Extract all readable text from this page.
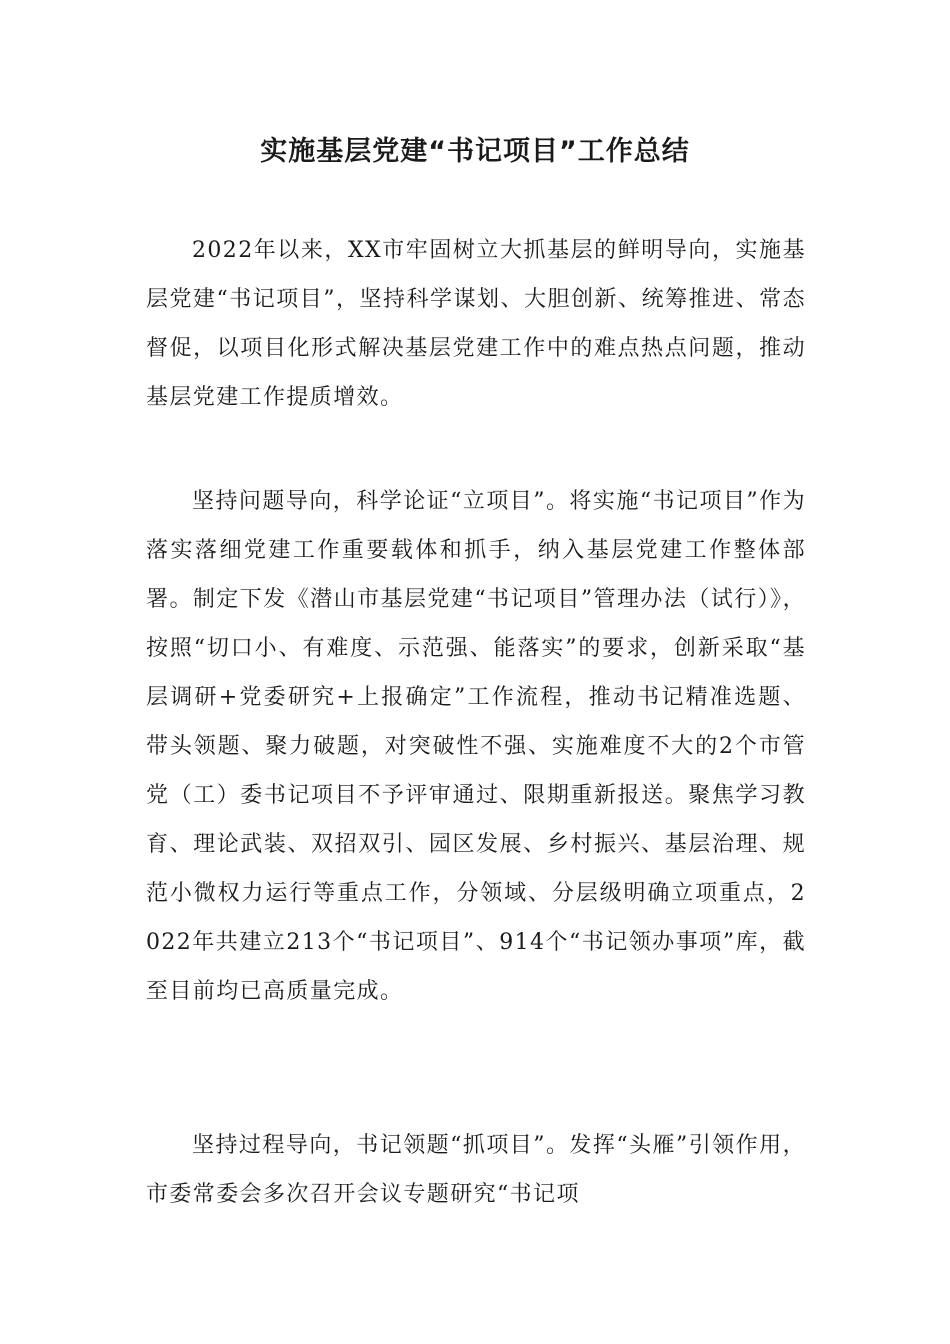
实施基层党建“书记项目”工作总结

2022年以来，XX市牢固树立大抓基层的鲜明导向，实施基层党建“书记项目”，坚持科学谋划、大胆创新、统筹推进、常态督促，以项目化形式解决基层党建工作中的难点热点问题，推动基层党建工作提质增效。

坚持问题导向，科学论证“立项目”。将实施“书记项目”作为落实落细党建工作重要载体和抓手，纳入基层党建工作整体部署。制定下发《潜山市基层党建“书记项目”管理办法（试行）》，按照“切口小、有难度、示范强、能落实”的要求，创新采取“基层调研+党委研究+上报确定”工作流程，推动书记精准选题、带头领题、聚力破题，对突破性不强、实施难度不大的2个市管党（工）委书记项目不予评审通过、限期重新报送。聚焦学习教育、理论武装、双招双引、园区发展、乡村振兴、基层治理、规范小微权力运行等重点工作，分领域、分层级明确立项重点，2022年共建立213个“书记项目”、914个“书记领办事项”库，截至目前均已高质量完成。

坚持过程导向，书记领题“抓项目”。发挥“头雁”引领作用，市委常委会多次召开会议专题研究“书记项
